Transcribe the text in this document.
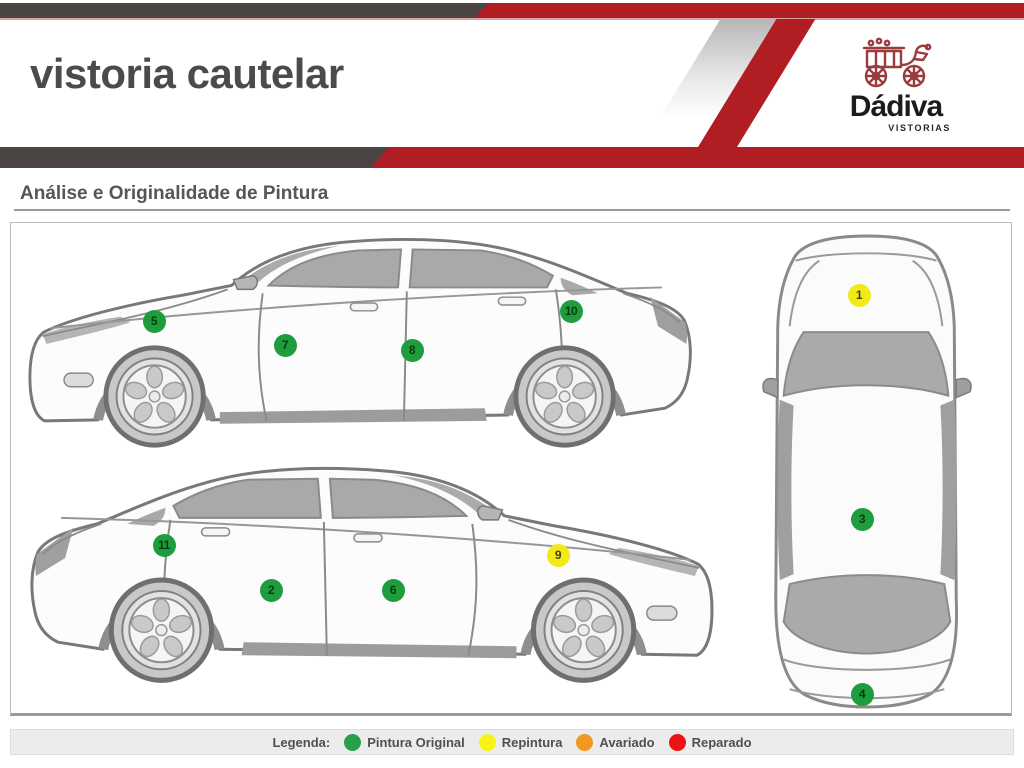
vistoria cautelar
Dádiva
VISTORIAS
Análise e Originalidade de Pintura
1
2
3
4
5
6
7	8
9
10
11
Legenda:	Pintura Original	Repintura	Avariado	Reparado
